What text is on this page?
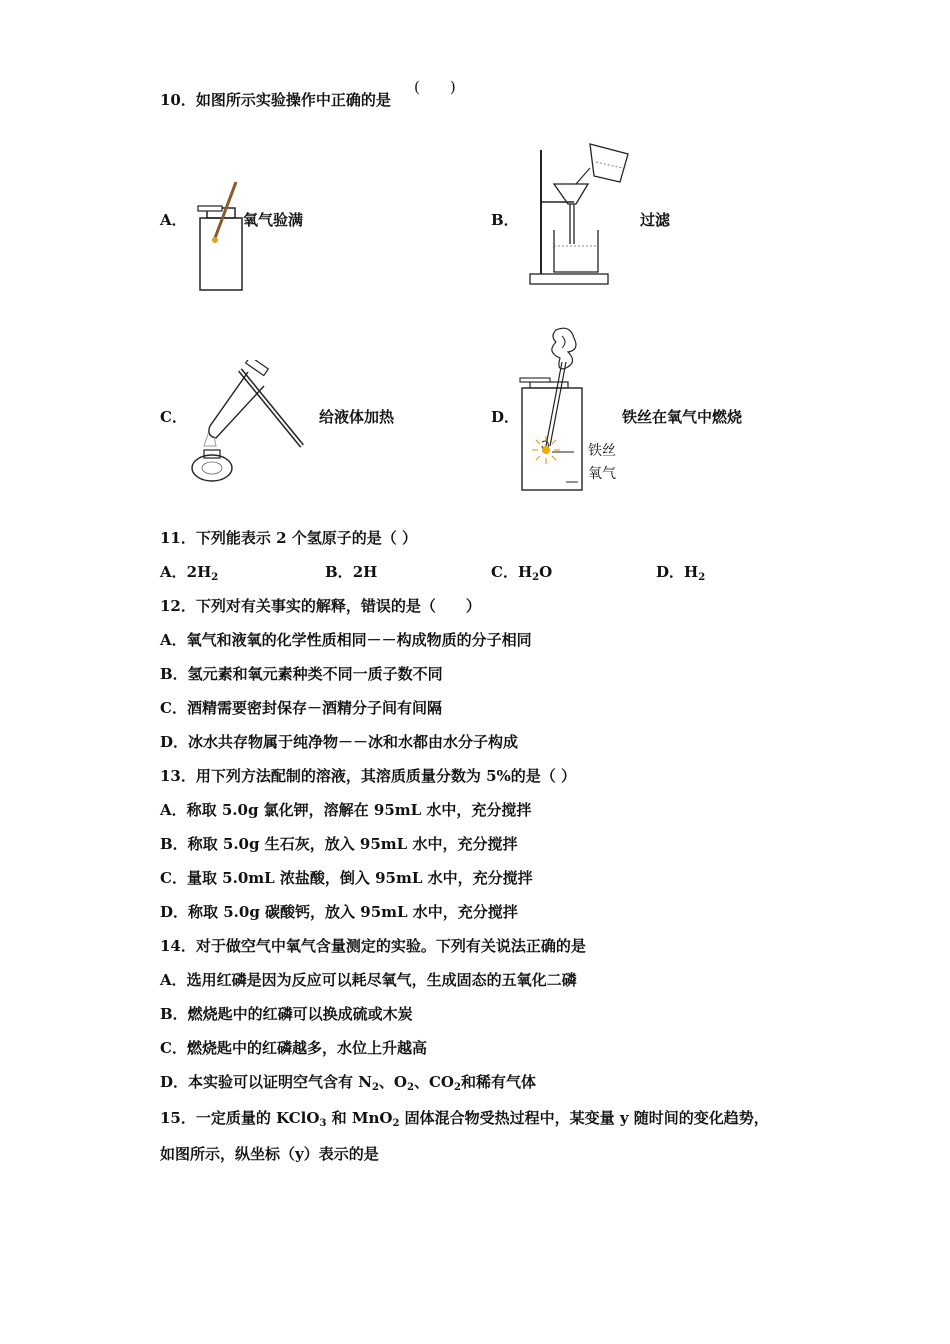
10．如图所示实验操作中正确的是
(　　)
A．	氧气验满	B．	过滤
C．	给液体加热	D．
铁丝
氧气
铁丝在氧气中燃烧
11．下列能表示 2 个氢原子的是（ ）
A．$2H_2$	B．2H	C．$H_2O$	D．$H_2$
12．下列对有关事实的解释，错误的是（　　）
A．氧气和液氧的化学性质相同－－构成物质的分子相同
B．氢元素和氧元素种类不同一质子数不同
C．酒精需要密封保存－酒精分子间有间隔
D．冰水共存物属于纯净物－－冰和水都由水分子构成
13．用下列方法配制的溶液，其溶质质量分数为 5%的是（ ）
A．称取 5.0g 氯化钾，溶解在 95mL 水中，充分搅拌
B．称取 5.0g 生石灰，放入 95mL 水中，充分搅拌
C．量取 5.0mL 浓盐酸，倒入 95mL 水中，充分搅拌
D．称取 5.0g 碳酸钙，放入 95mL 水中，充分搅拌
14．对于做空气中氧气含量测定的实验。下列有关说法正确的是
A．选用红磷是因为反应可以耗尽氧气，生成固态的五氧化二磷
B．燃烧匙中的红磷可以换成硫或木炭
C．燃烧匙中的红磷越多，水位上升越高
D．本实验可以证明空气含有 $N_2$、$O_2$、$CO_2$和稀有气体
15．一定质量的 KClO$_3$ 和 MnO$_2$ 固体混合物受热过程中，某变量 y 随时间的变化趋势，
如图所示，纵坐标（y）表示的是
